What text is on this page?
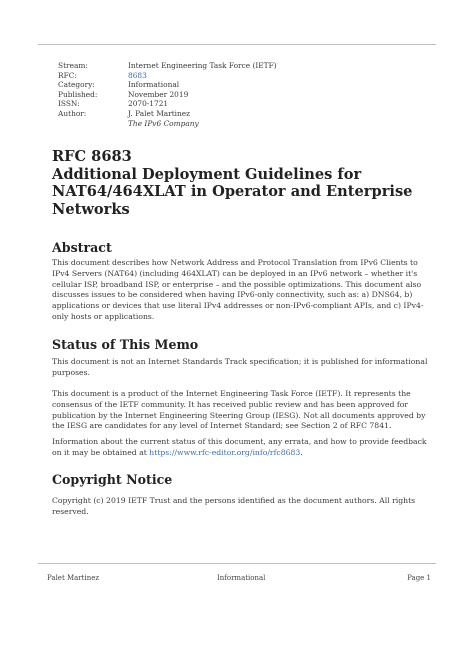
Stream:	Internet Engineering Task Force (IETF)
RFC:	8683
Category:	Informational
Published:	November 2019
ISSN:	2070-1721
Author:	J. Palet Martinez
The IPv6 Company
RFC 8683
Additional Deployment Guidelines for
NAT64/464XLAT in Operator and Enterprise
Networks
Abstract

This document describes how Network Address and Protocol Translation from IPv6 Clients to IPv4 Servers (NAT64) (including 464XLAT) can be deployed in an IPv6 network – whether it's cellular ISP, broadband ISP, or enterprise – and the possible optimizations. This document also discusses issues to be considered when having IPv6-only connectivity, such as: a) DNS64, b) applications or devices that use literal IPv4 addresses or non-IPv6-compliant APIs, and c) IPv4-only hosts or applications.

Status of This Memo

This document is not an Internet Standards Track specification; it is published for informational purposes.

This document is a product of the Internet Engineering Task Force (IETF). It represents the consensus of the IETF community. It has received public review and has been approved for publication by the Internet Engineering Steering Group (IESG). Not all documents approved by the IESG are candidates for any level of Internet Standard; see Section 2 of RFC 7841.

Information about the current status of this document, any errata, and how to provide feedback on it may be obtained at https://www.rfc-editor.org/info/rfc8683.

Copyright Notice

Copyright (c) 2019 IETF Trust and the persons identified as the document authors. All rights reserved.

Palet Martinez	Informational	Page 1
